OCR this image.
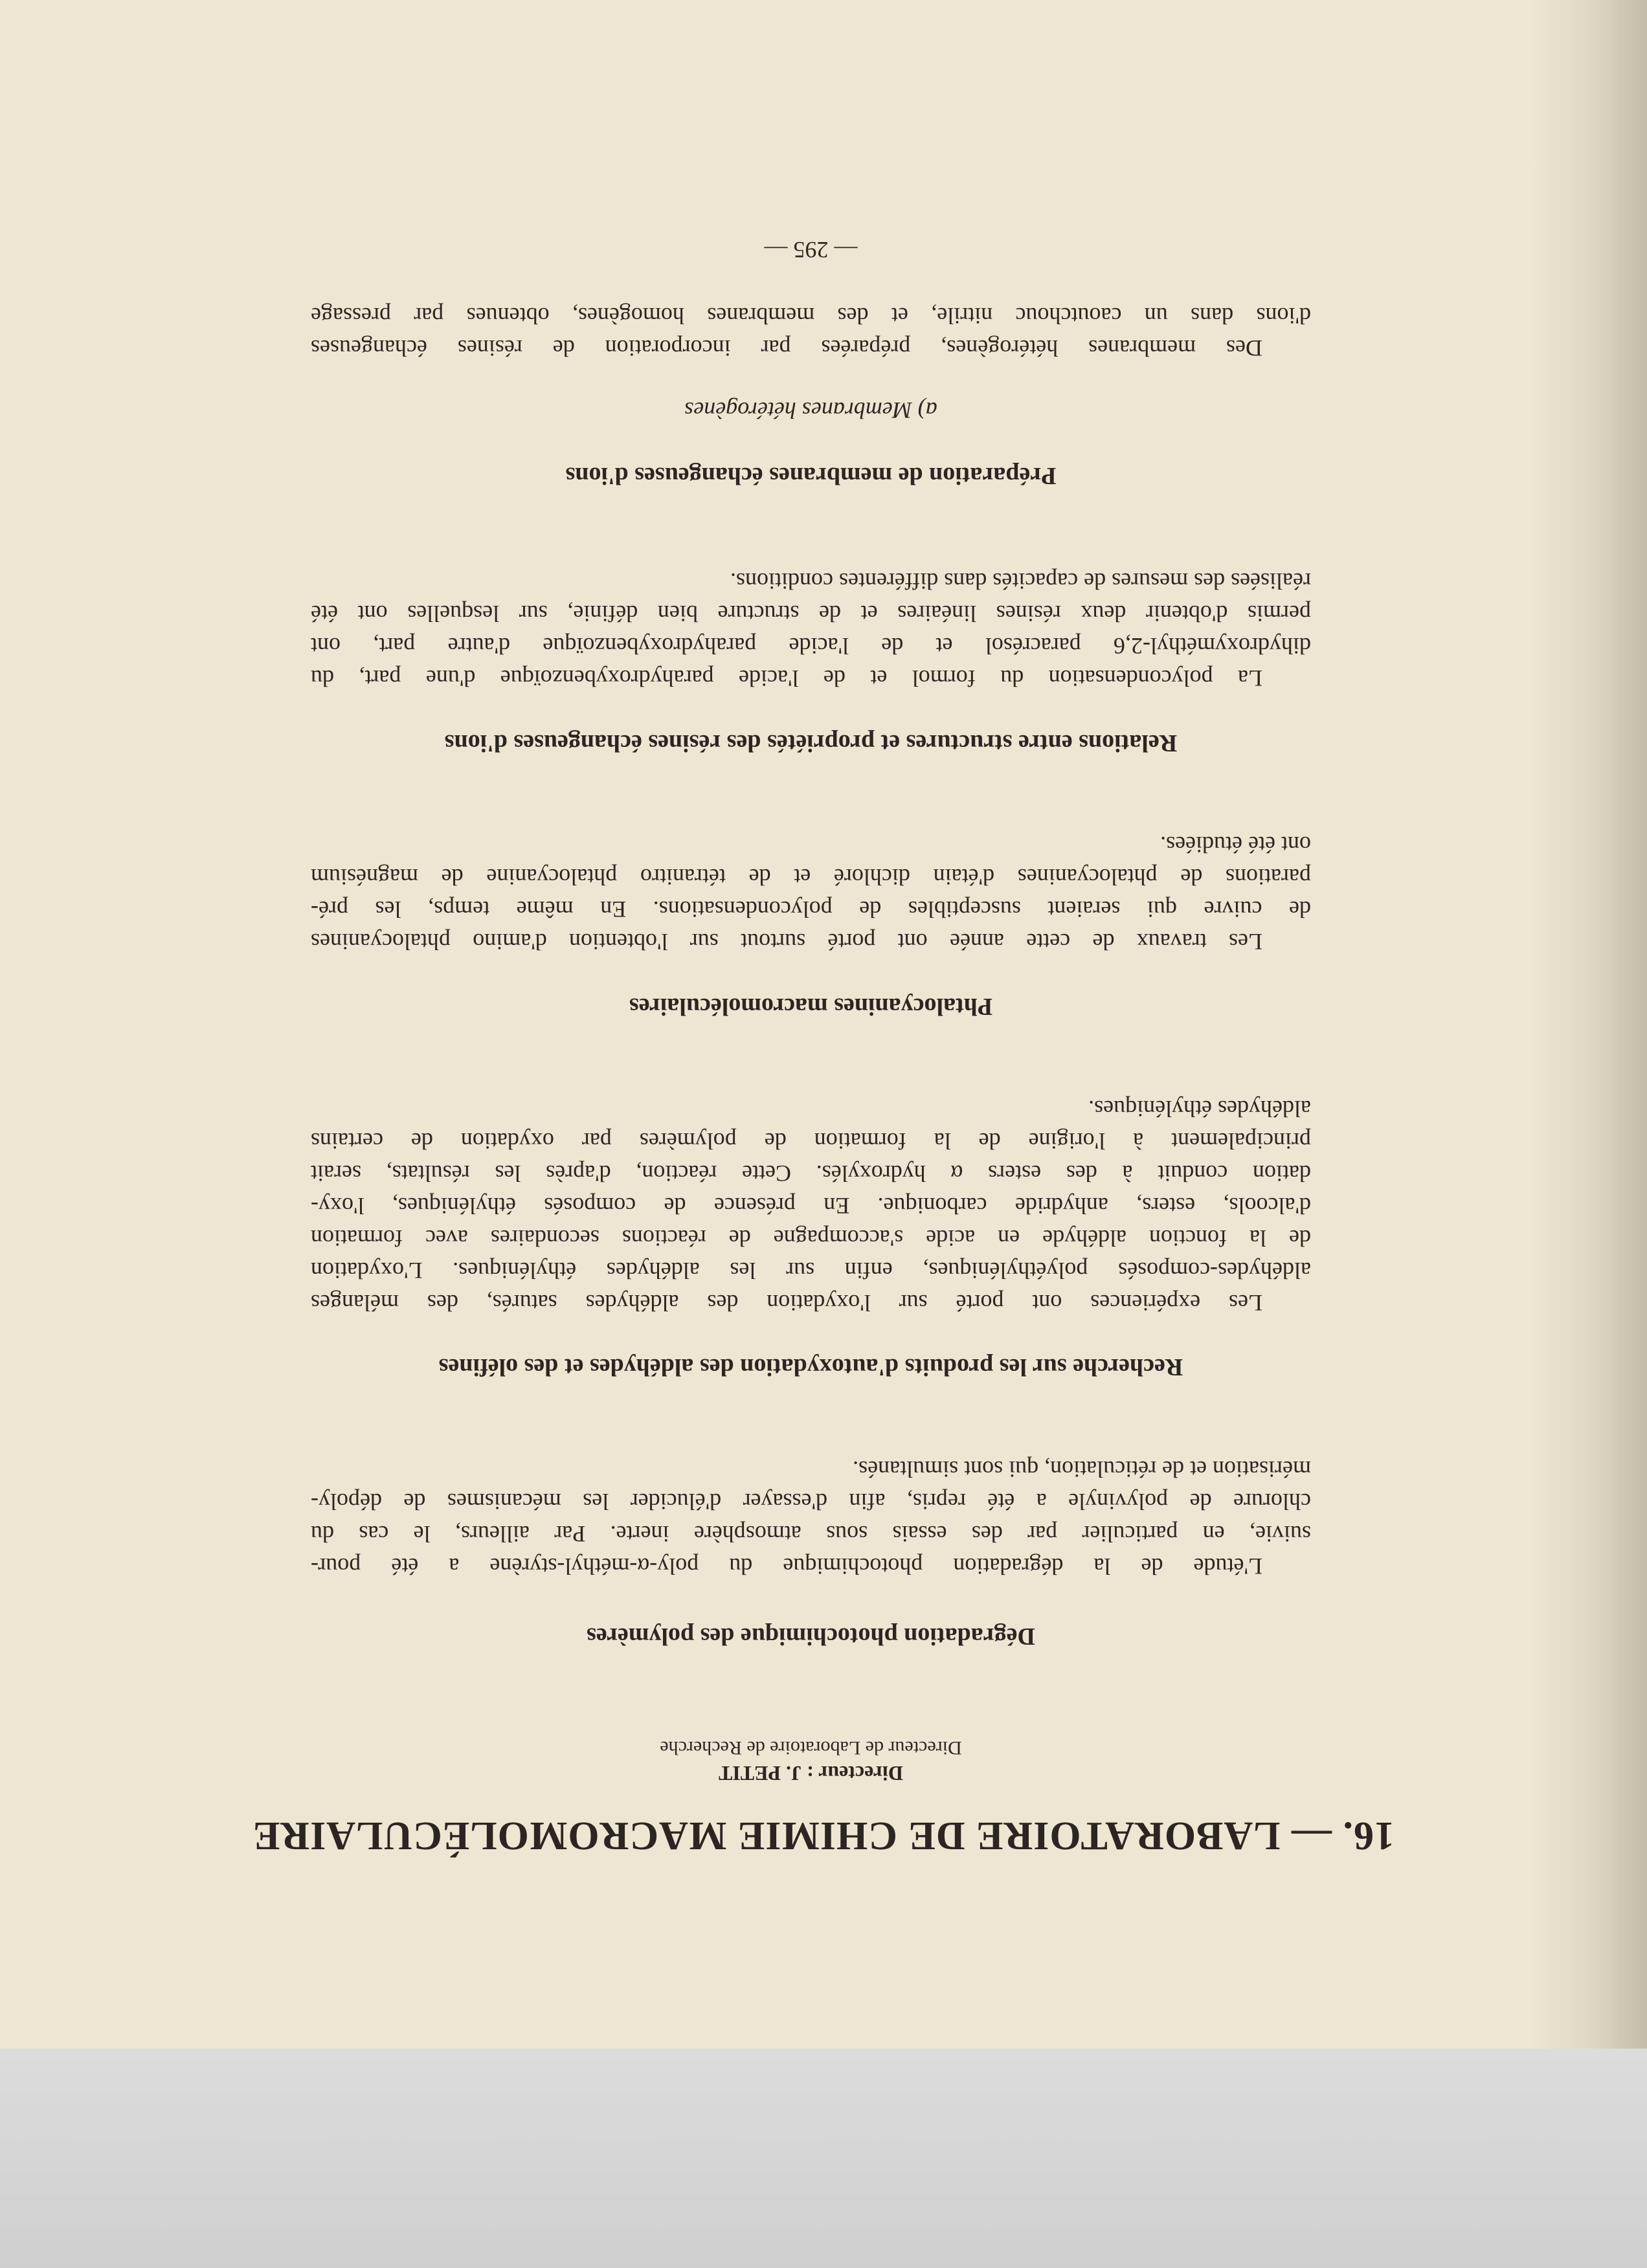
16. — LABORATOIRE DE CHIMIE MACROMOLÉCULAIRE
Directeur : J. PETIT
Directeur de Laboratoire de Recherche
Dégradation photochimique des polymères
L'étude de la dégradation photochimique du poly-α-méthyl-styrène a été pour-
suivie, en particulier par des essais sous atmosphère inerte. Par ailleurs, le cas du
chlorure de polyvinyle a été repris, afin d'essayer d'élucider les mécanismes de dépoly-
mérisation et de réticulation, qui sont simultanés.
Recherche sur les produits d'autoxydation des aldéhydes et des oléfines
Les expériences ont porté sur l'oxydation des aldéhydes saturés, des mélanges
aldéhydes-composés polyéthyléniques, enfin sur les aldéhydes éthyléniques. L'oxydation
de la fonction aldéhyde en acide s'accompagne de réactions secondaires avec formation
d'alcools, esters, anhydride carbonique. En présence de composés éthyléniques, l'oxy-
dation conduit à des esters α hydroxylés. Cette réaction, d'après les résultats, serait
principalement à l'origine de la formation de polymères par oxydation de certains
aldéhydes éthyléniques.
Phtalocyanines macromoléculaires
Les travaux de cette année ont porté surtout sur l'obtention d'amino phtalocyanines
de cuivre qui seraient susceptibles de polycondensations. En même temps, les pré-
parations de phtalocyanines d'étain dichloré et de tétranitro phtalocyanine de magnésium
ont été étudiées.
Relations entre structures et propriétés des résines échangeuses d'ions
La polycondensation du formol et de l'acide parahydroxybenzoïque d'une part, du
dihydroxyméthyl-2,6 paracrésol et de l'acide parahydroxybenzoïque d'autre part, ont
permis d'obtenir deux résines linéaires et de structure bien définie, sur lesquelles ont été
réalisées des mesures de capacités dans différentes conditions.
Préparation de membranes échangeuses d'ions
a) Membranes hétérogènes
Des membranes hétérogènes, préparées par incorporation de résines échangeuses
d'ions dans un caoutchouc nitrile, et des membranes homogènes, obtenues par pressage
— 295 —
